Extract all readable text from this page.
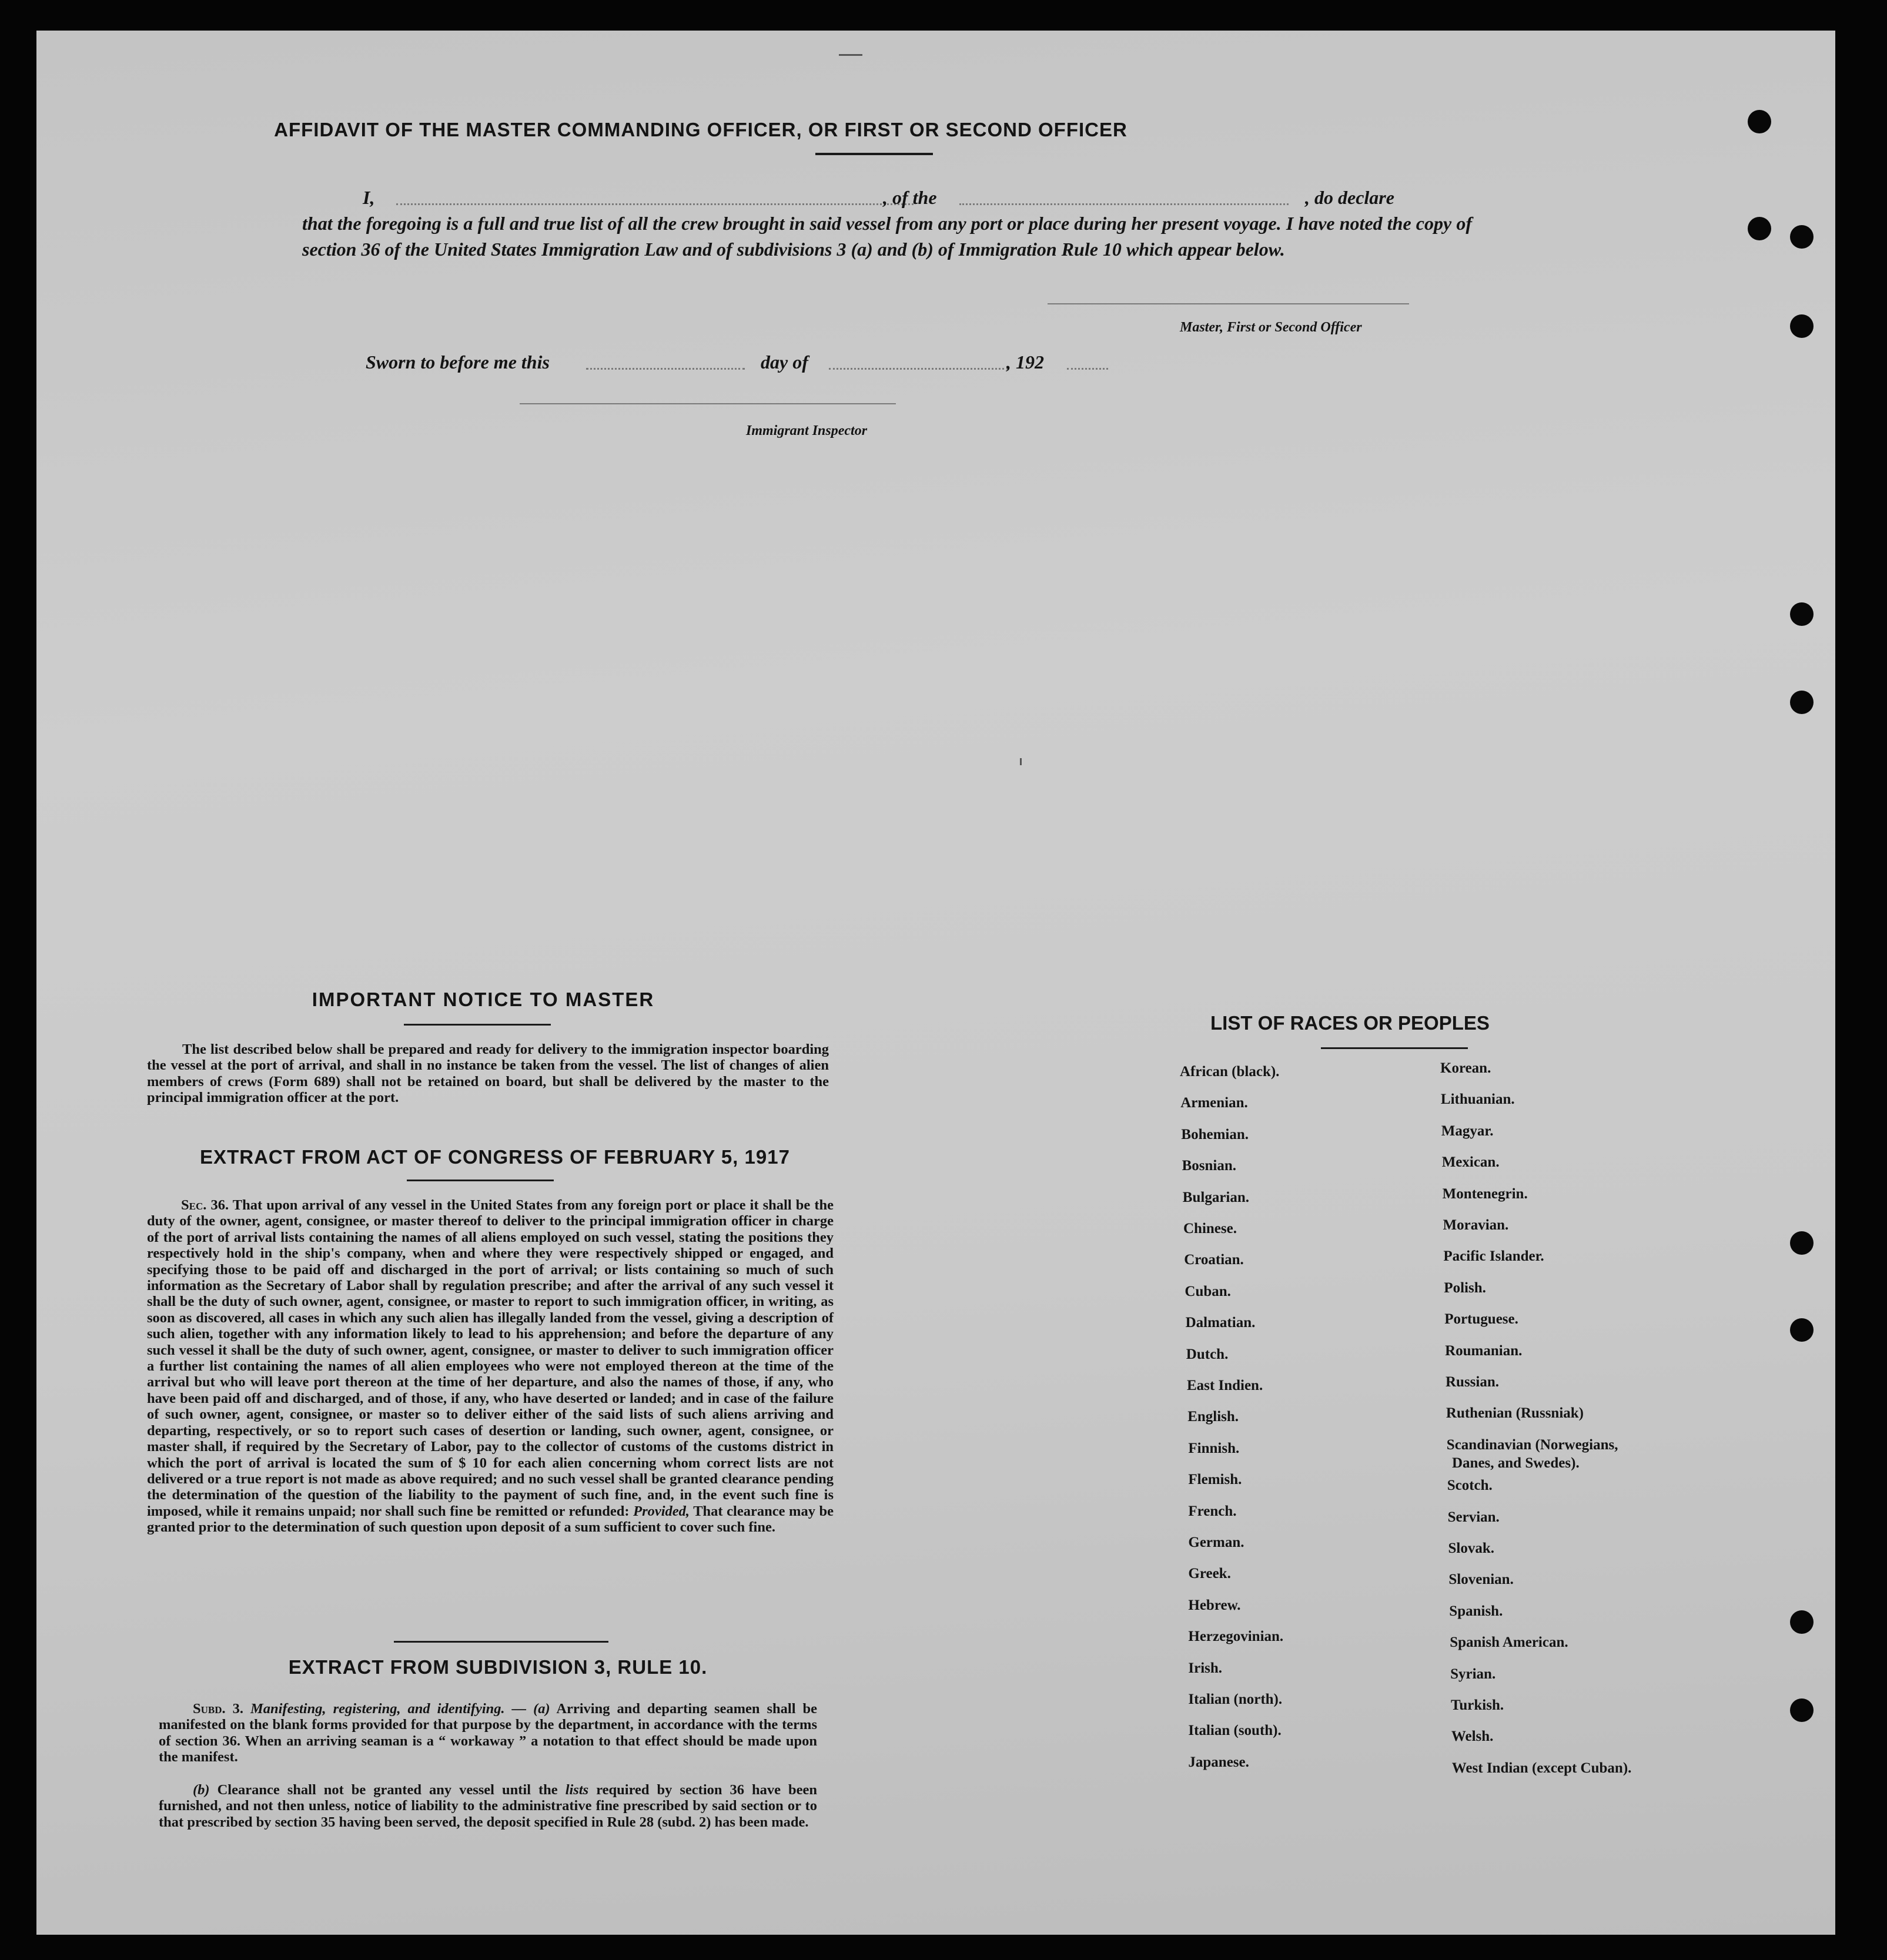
AFFIDAVIT OF THE MASTER COMMANDING OFFICER, OR FIRST OR SECOND OFFICER
I,	, of the	, do declare
that the foregoing is a full and true list of all the crew brought in said vessel from any port or place during her present voyage. I have noted the copy of section 36 of the United States Immigration Law and of subdivisions 3 (a) and (b) of Immigration Rule 10 which appear below.
Master, First or Second Officer
Sworn to before me this	day of	, 192
Immigrant Inspector
IMPORTANT NOTICE TO MASTER
The list described below shall be prepared and ready for delivery to the immigration inspector boarding the vessel at the port of arrival, and shall in no instance be taken from the vessel. The list of changes of alien members of crews (Form 689) shall not be retained on board, but shall be delivered by the master to the principal immigration officer at the port.
EXTRACT FROM ACT OF CONGRESS OF FEBRUARY 5, 1917
Sec. 36. That upon arrival of any vessel in the United States from any foreign port or place it shall be the duty of the owner, agent, consignee, or master thereof to deliver to the principal immigration officer in charge of the port of arrival lists containing the names of all aliens employed on such vessel, stating the positions they respectively hold in the ship's company, when and where they were respectively shipped or engaged, and specifying those to be paid off and discharged in the port of arrival; or lists containing so much of such information as the Secretary of Labor shall by regulation prescribe; and after the arrival of any such vessel it shall be the duty of such owner, agent, consignee, or master to report to such immigration officer, in writing, as soon as discovered, all cases in which any such alien has illegally landed from the vessel, giving a description of such alien, together with any information likely to lead to his apprehension; and before the departure of any such vessel it shall be the duty of such owner, agent, consignee, or master to deliver to such immigration officer a further list containing the names of all alien employees who were not employed thereon at the time of the arrival but who will leave port thereon at the time of her departure, and also the names of those, if any, who have been paid off and discharged, and of those, if any, who have deserted or landed; and in case of the failure of such owner, agent, consignee, or master so to deliver either of the said lists of such aliens arriving and departing, respectively, or so to report such cases of desertion or landing, such owner, agent, consignee, or master shall, if required by the Secretary of Labor, pay to the collector of customs of the customs district in which the port of arrival is located the sum of $ 10 for each alien concerning whom correct lists are not delivered or a true report is not made as above required; and no such vessel shall be granted clearance pending the determination of the question of the liability to the payment of such fine, and, in the event such fine is imposed, while it remains unpaid; nor shall such fine be remitted or refunded: Provided, That clearance may be granted prior to the determination of such question upon deposit of a sum sufficient to cover such fine.
EXTRACT FROM SUBDIVISION 3, RULE 10.
Subd. 3. Manifesting, registering, and identifying. — (a) Arriving and departing seamen shall be manifested on the blank forms provided for that purpose by the department, in accordance with the terms of section 36. When an arriving seaman is a “ workaway ” a notation to that effect should be made upon the manifest.
(b) Clearance shall not be granted any vessel until the lists required by section 36 have been furnished, and not then unless, notice of liability to the administrative fine prescribed by said section or to that prescribed by section 35 having been served, the deposit specified in Rule 28 (subd. 2) has been made.
LIST OF RACES OR PEOPLES
African (black).
Armenian.
Bohemian.
Bosnian.
Bulgarian.
Chinese.
Croatian.
Cuban.
Dalmatian.
Dutch.
East Indien.
English.
Finnish.
Flemish.
French.
German.
Greek.
Hebrew.
Herzegovinian.
Irish.
Italian (north).
Italian (south).
Japanese.
Korean.
Lithuanian.
Magyar.
Mexican.
Montenegrin.
Moravian.
Pacific Islander.
Polish.
Portuguese.
Roumanian.
Russian.
Ruthenian (Russniak)
Scandinavian (Norwegians,
Scotch.
Servian.
Slovak.
Slovenian.
Spanish.
Spanish American.
Syrian.
Turkish.
Welsh.
West Indian (except Cuban).
Danes, and Swedes).
